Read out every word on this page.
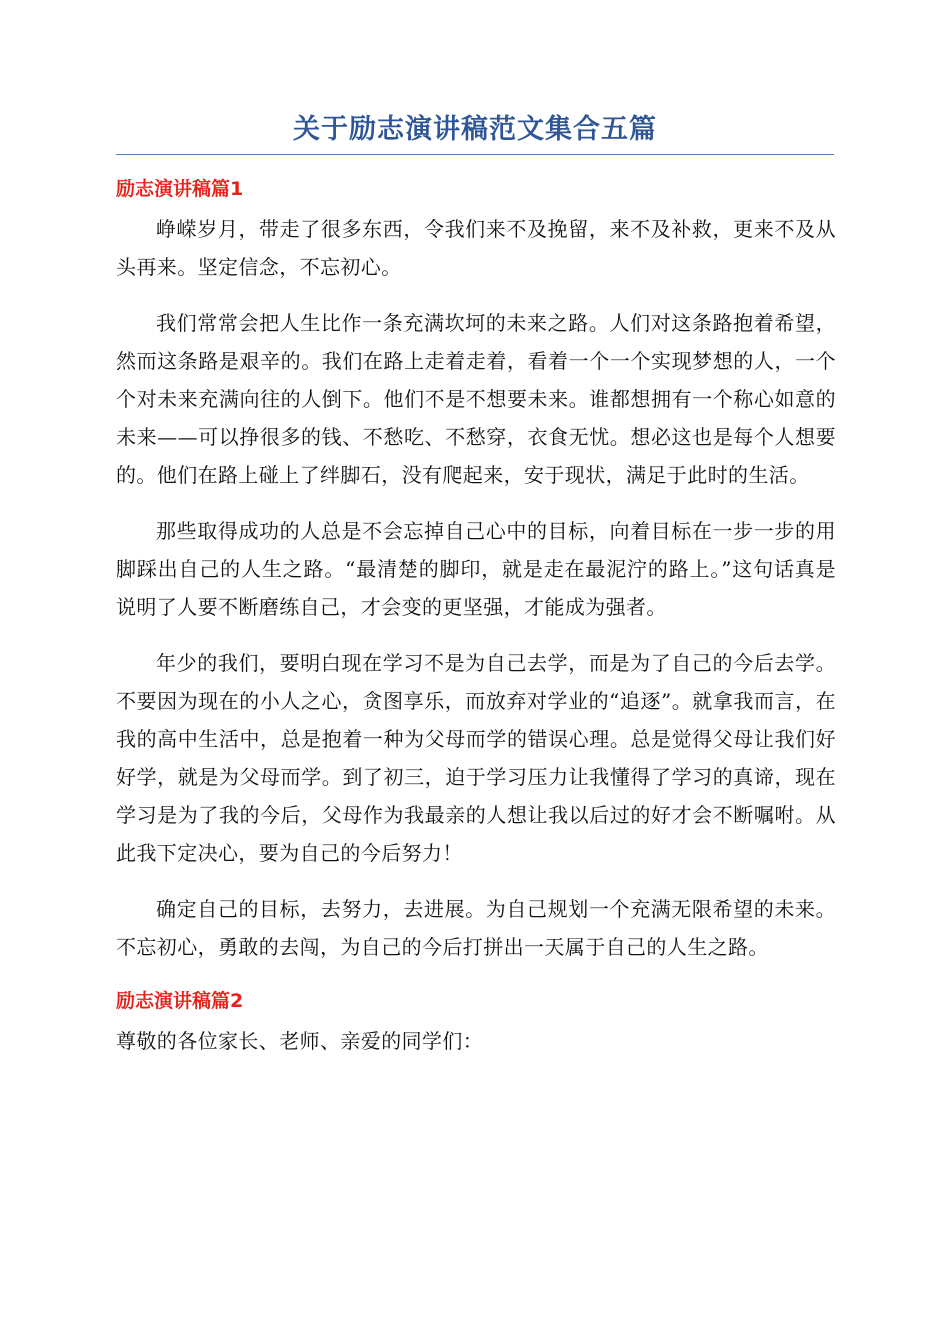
关于励志演讲稿范文集合五篇
励志演讲稿篇1

峥嵘岁月，带走了很多东西，令我们来不及挽留，来不及补救，更来不及从头再来。坚定信念，不忘初心。

我们常常会把人生比作一条充满坎坷的未来之路。人们对这条路抱着希望，然而这条路是艰辛的。我们在路上走着走着，看着一个一个实现梦想的人，一个个对未来充满向往的人倒下。他们不是不想要未来。谁都想拥有一个称心如意的未来——可以挣很多的钱、不愁吃、不愁穿，衣食无忧。想必这也是每个人想要的。他们在路上碰上了绊脚石，没有爬起来，安于现状，满足于此时的生活。

那些取得成功的人总是不会忘掉自己心中的目标，向着目标在一步一步的用脚踩出自己的人生之路。“最清楚的脚印，就是走在最泥泞的路上。”这句话真是说明了人要不断磨练自己，才会变的更坚强，才能成为强者。

年少的我们，要明白现在学习不是为自己去学，而是为了自己的今后去学。不要因为现在的小人之心，贪图享乐，而放弃对学业的“追逐”。就拿我而言，在我的高中生活中，总是抱着一种为父母而学的错误心理。总是觉得父母让我们好好学，就是为父母而学。到了初三，迫于学习压力让我懂得了学习的真谛，现在学习是为了我的今后，父母作为我最亲的人想让我以后过的好才会不断嘱咐。从此我下定决心，要为自己的今后努力！

确定自己的目标，去努力，去进展。为自己规划一个充满无限希望的未来。不忘初心，勇敢的去闯，为自己的今后打拼出一天属于自己的人生之路。

励志演讲稿篇2

尊敬的各位家长、老师、亲爱的同学们：
